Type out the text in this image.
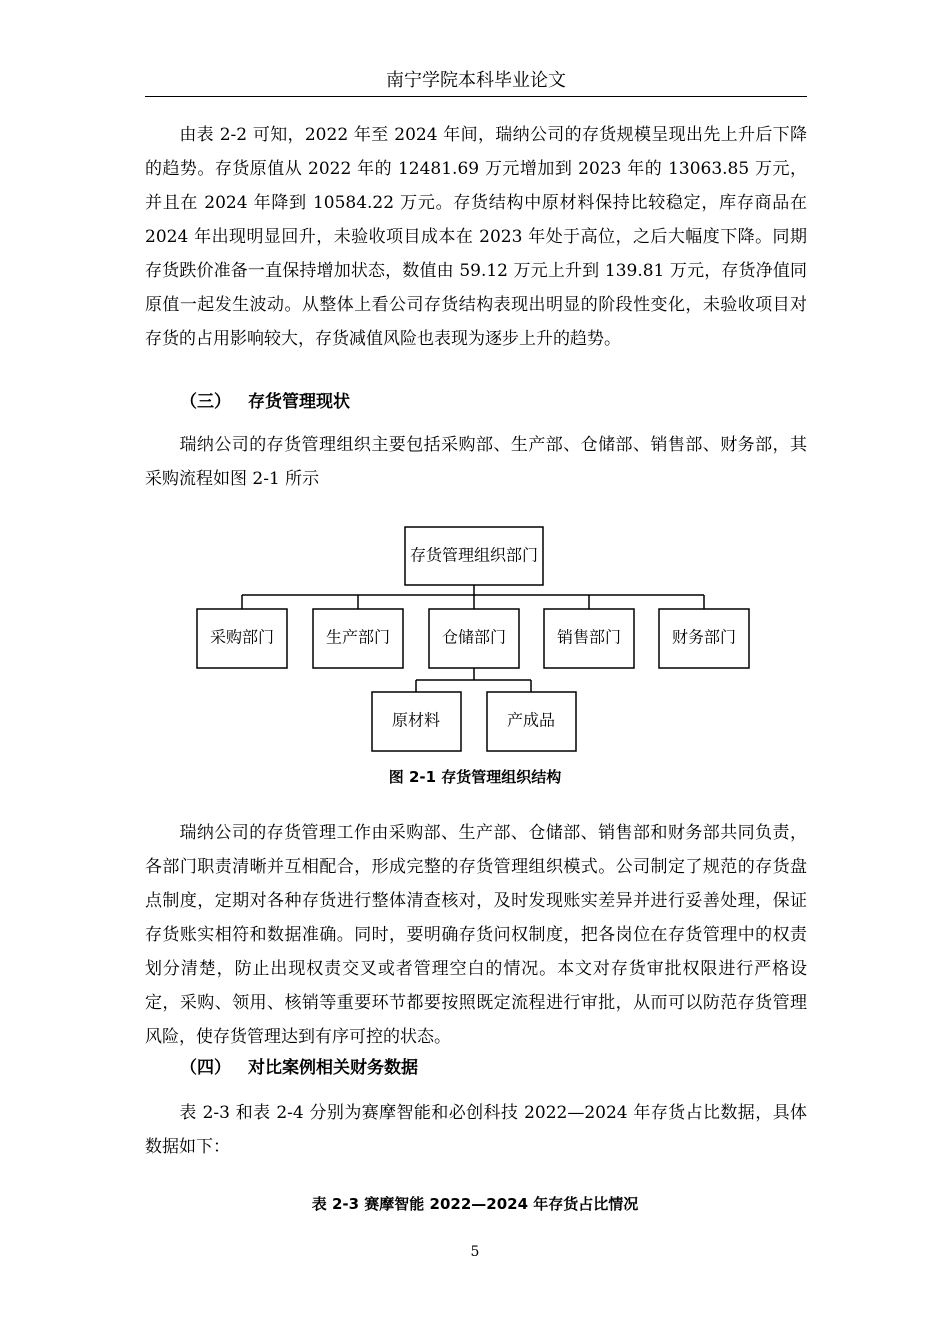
南宁学院本科毕业论文

由表 2-2 可知，2022 年至 2024 年间，瑞纳公司的存货规模呈现出先上升后下降的趋势。存货原值从 2022 年的 12481.69 万元增加到 2023 年的 13063.85 万元，并且在 2024 年降到 10584.22 万元。存货结构中原材料保持比较稳定，库存商品在 2024 年出现明显回升，未验收项目成本在 2023 年处于高位，之后大幅度下降。同期存货跌价准备一直保持增加状态，数值由 59.12 万元上升到 139.81 万元，存货净值同原值一起发生波动。从整体上看公司存货结构表现出明显的阶段性变化，未验收项目对存货的占用影响较大，存货减值风险也表现为逐步上升的趋势。

（三） 存货管理现状

瑞纳公司的存货管理组织主要包括采购部、生产部、仓储部、销售部、财务部，其采购流程如图 2-1 所示

存货管理组织部门
采购部门	生产部门	仓储部门	销售部门	财务部门
原材料	产成品
图 2-1 存货管理组织结构

瑞纳公司的存货管理工作由采购部、生产部、仓储部、销售部和财务部共同负责，各部门职责清晰并互相配合，形成完整的存货管理组织模式。公司制定了规范的存货盘点制度，定期对各种存货进行整体清查核对，及时发现账实差异并进行妥善处理，保证存货账实相符和数据准确。同时，要明确存货问权制度，把各岗位在存货管理中的权责划分清楚，防止出现权责交叉或者管理空白的情况。本文对存货审批权限进行严格设定，采购、领用、核销等重要环节都要按照既定流程进行审批，从而可以防范存货管理风险，使存货管理达到有序可控的状态。

（四） 对比案例相关财务数据

表 2-3 和表 2-4 分别为赛摩智能和必创科技 2022—2024 年存货占比数据，具体数据如下：

表 2-3 赛摩智能 2022—2024 年存货占比情况
5
